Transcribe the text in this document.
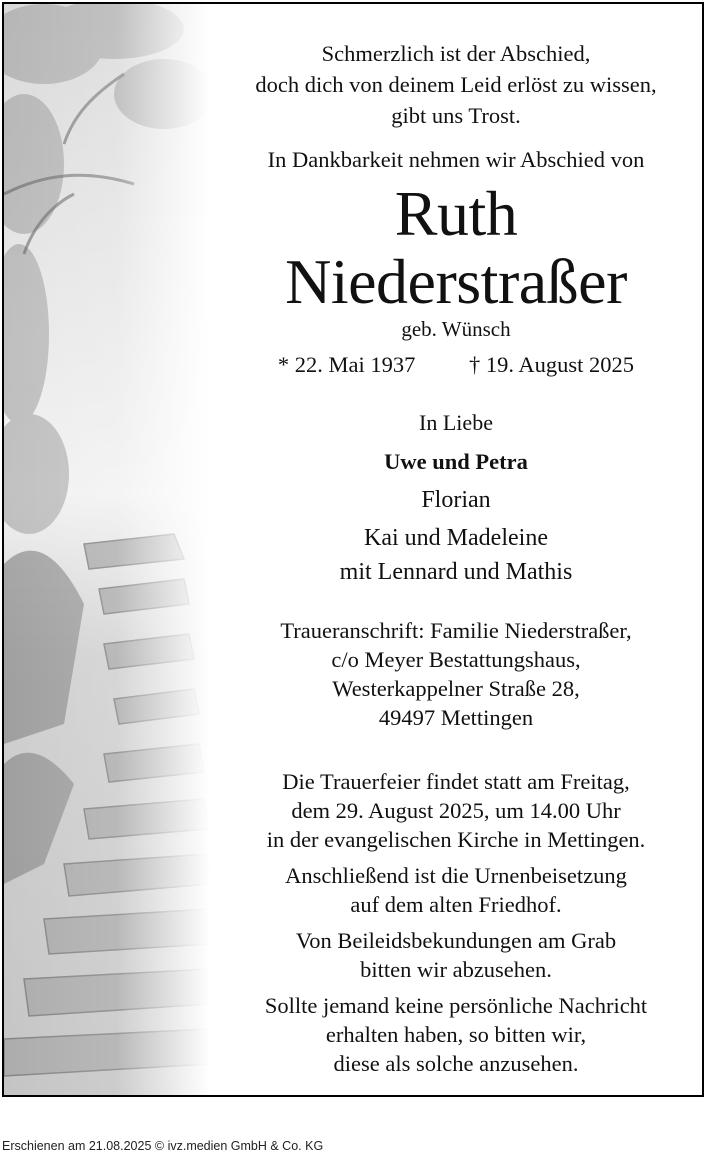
Schmerzlich ist der Abschied,
doch dich von deinem Leid erlöst zu wissen,
gibt uns Trost.
In Dankbarkeit nehmen wir Abschied von
Ruth
Niederstraßer
geb. Wünsch
* 22. Mai 1937 † 19. August 2025
In Liebe
Uwe und Petra
Florian
Kai und Madeleine
mit Lennard und Mathis
Traueranschrift: Familie Niederstraßer,
c/o Meyer Bestattungshaus,
Westerkappelner Straße 28,
49497 Mettingen
Die Trauerfeier findet statt am Freitag,
dem 29. August 2025, um 14.00 Uhr
in der evangelischen Kirche in Mettingen.
Anschließend ist die Urnenbeisetzung
auf dem alten Friedhof.
Von Beileidsbekundungen am Grab
bitten wir abzusehen.
Sollte jemand keine persönliche Nachricht
erhalten haben, so bitten wir,
diese als solche anzusehen.
Erschienen am 21.08.2025 © ivz.medien GmbH & Co. KG
